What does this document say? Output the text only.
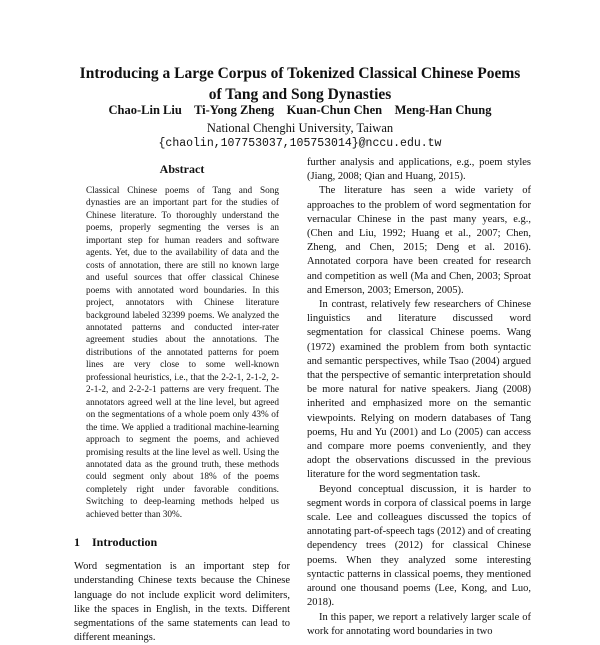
Introducing a Large Corpus of Tokenized Classical Chinese Poems
of Tang and Song Dynasties
Chao-Lin Liu    Ti-Yong Zheng    Kuan-Chun Chen    Meng-Han Chung
National Chenghi University, Taiwan
{chaolin,107753037,105753014}@nccu.edu.tw
Abstract

Classical Chinese poems of Tang and Song dynasties are an important part for the studies of Chinese literature. To thoroughly understand the poems, properly segmenting the verses is an important step for human readers and software agents. Yet, due to the availability of data and the costs of annotation, there are still no known large and useful sources that offer classical Chinese poems with annotated word boundaries. In this project, annotators with Chinese literature background labeled 32399 poems. We analyzed the annotated patterns and conducted inter-rater agreement studies about the annotations. The distributions of the annotated patterns for poem lines are very close to some well-known professional heuristics, i.e., that the 2-2-1, 2-1-2, 2-2-1-2, and 2-2-2-1 patterns are very frequent. The annotators agreed well at the line level, but agreed on the segmentations of a whole poem only 43% of the time. We applied a traditional machine-learning approach to segment the poems, and achieved promising results at the line level as well. Using the annotated data as the ground truth, these methods could segment only about 18% of the poems completely right under favorable conditions. Switching to deep-learning methods helped us achieved better than 30%.

1 Introduction

Word segmentation is an important step for understanding Chinese texts because the Chinese language do not include explicit word delimiters, like the spaces in English, in the texts. Different segmentations of the same statements can lead to different meanings.

further analysis and applications, e.g., poem styles (Jiang, 2008; Qian and Huang, 2015).

The literature has seen a wide variety of approaches to the problem of word segmentation for vernacular Chinese in the past many years, e.g., (Chen and Liu, 1992; Huang et al., 2007; Chen, Zheng, and Chen, 2015; Deng et al. 2016). Annotated corpora have been created for research and competition as well (Ma and Chen, 2003; Sproat and Emerson, 2003; Emerson, 2005).

In contrast, relatively few researchers of Chinese linguistics and literature discussed word segmentation for classical Chinese poems. Wang (1972) examined the problem from both syntactic and semantic perspectives, while Tsao (2004) argued that the perspective of semantic interpretation should be more natural for native speakers. Jiang (2008) inherited and emphasized more on the semantic viewpoints. Relying on modern databases of Tang poems, Hu and Yu (2001) and Lo (2005) can access and compare more poems conveniently, and they adopt the observations discussed in the previous literature for the word segmentation task.

Beyond conceptual discussion, it is harder to segment words in corpora of classical poems in large scale. Lee and colleagues discussed the topics of annotating part-of-speech tags (2012) and of creating dependency trees (2012) for classical Chinese poems. When they analyzed some interesting syntactic patterns in classical poems, they mentioned around one thousand poems (Lee, Kong, and Luo, 2018).

In this paper, we report a relatively larger scale of work for annotating word boundaries in two
